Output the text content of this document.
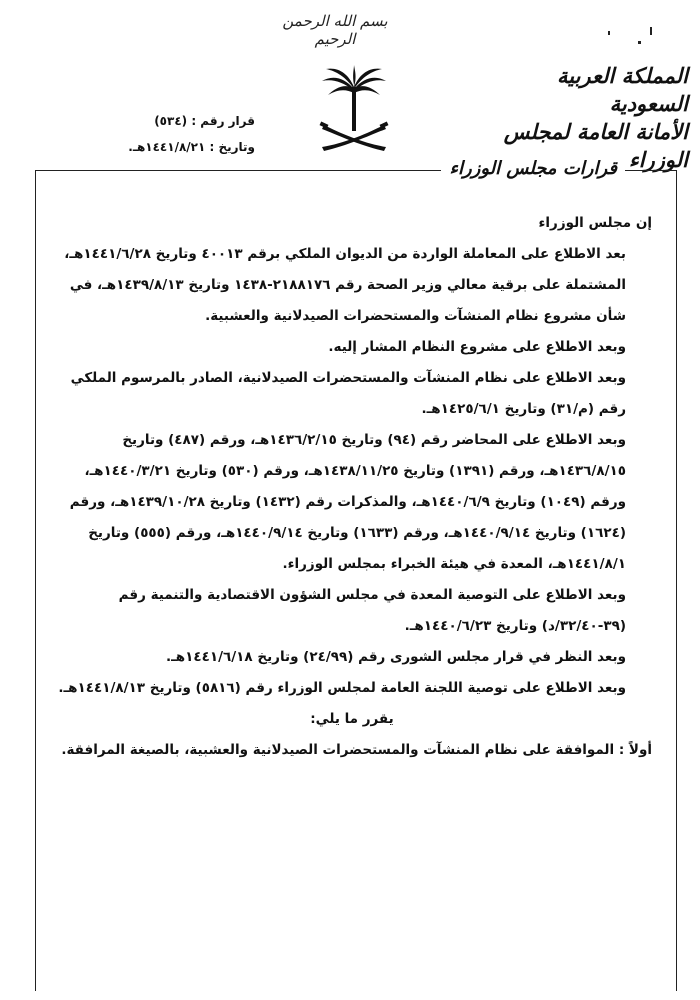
بسم الله الرحمن الرحيم
المملكة العربية السعودية
الأمانة العامة لمجلس الوزراء
قرار رقم : (٥٣٤)
وتاريخ : ١٤٤١/٨/٢١هـ.
قرارات مجلس الوزراء

إن مجلس الوزراء

بعد الاطلاع على المعاملة الواردة من الديوان الملكي برقم ٤٠٠١٣ وتاريخ ١٤٤١/٦/٢٨هـ، المشتملة على برقية معالي وزير الصحة رقم ٢١٨٨١٧٦-١٤٣٨ وتاريخ ١٤٣٩/٨/١٣هـ، في شأن مشروع نظام المنشآت والمستحضرات الصيدلانية والعشبية.

وبعد الاطلاع على مشروع النظام المشار إليه.

وبعد الاطلاع على نظام المنشآت والمستحضرات الصيدلانية، الصادر بالمرسوم الملكي رقم (م/٣١) وتاريخ ١٤٢٥/٦/١هـ.

وبعد الاطلاع على المحاضر رقم (٩٤) وتاريخ ١٤٣٦/٢/١٥هـ، ورقم (٤٨٧) وتاريخ ١٤٣٦/٨/١٥هـ، ورقم (١٣٩١) وتاريخ ١٤٣٨/١١/٢٥هـ، ورقم (٥٣٠) وتاريخ ١٤٤٠/٣/٢١هـ، ورقم (١٠٤٩) وتاريخ ١٤٤٠/٦/٩هـ، والمذكرات رقم (١٤٣٢) وتاريخ ١٤٣٩/١٠/٢٨هـ، ورقم (١٦٢٤) وتاريخ ١٤٤٠/٩/١٤هـ، ورقم (١٦٣٣) وتاريخ ١٤٤٠/٩/١٤هـ، ورقم (٥٥٥) وتاريخ ١٤٤١/٨/١هـ، المعدة في هيئة الخبراء بمجلس الوزراء.

وبعد الاطلاع على التوصية المعدة في مجلس الشؤون الاقتصادية والتنمية رقم (٣٩-٣٢/٤٠/د) وتاريخ ١٤٤٠/٦/٢٣هـ.

وبعد النظر في قرار مجلس الشورى رقم (٢٤/٩٩) وتاريخ ١٤٤١/٦/١٨هـ.

وبعد الاطلاع على توصية اللجنة العامة لمجلس الوزراء رقم (٥٨١٦) وتاريخ ١٤٤١/٨/١٣هـ.

يقرر ما يلي:

أولاً : الموافقة على نظام المنشآت والمستحضرات الصيدلانية والعشبية، بالصيغة المرافقة.
